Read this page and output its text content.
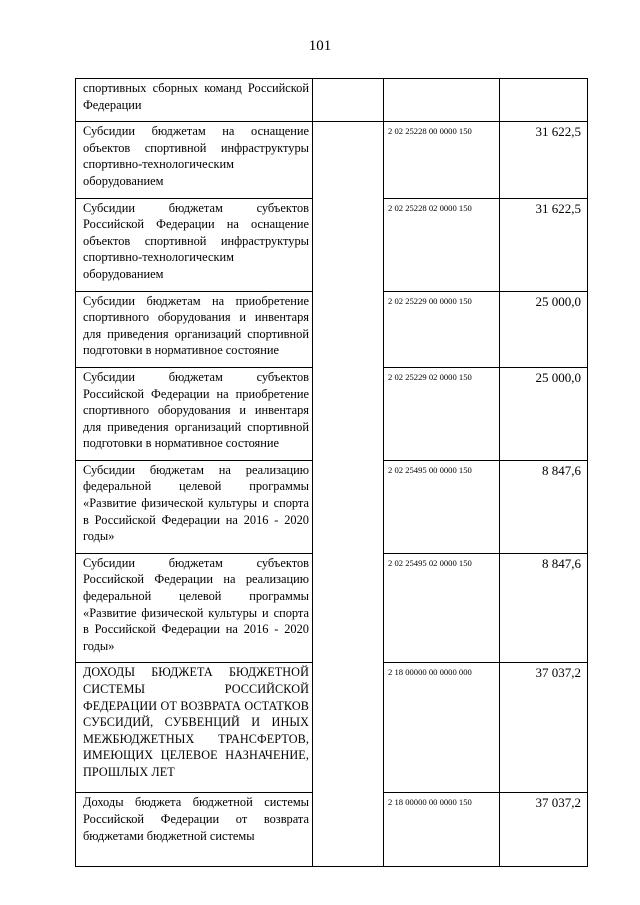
101
спортивных сборных команд Российской Федерации			

Субсидии бюджетам на оснащение объектов спортивной инфраструктуры спортивно-технологическим оборудованием		2 02 25228 00 0000 150	31 622,5

Субсидии бюджетам субъектов Российской Федерации на оснащение объектов спортивной инфраструктуры спортивно-технологическим оборудованием		2 02 25228 02 0000 150	31 622,5

Субсидии бюджетам на приобретение спортивного оборудования и инвентаря для приведения организаций спортивной подготовки в нормативное состояние		2 02 25229 00 0000 150	25 000,0

Субсидии бюджетам субъектов Российской Федерации на приобретение спортивного оборудования и инвентаря для приведения организаций спортивной подготовки в нормативное состояние		2 02 25229 02 0000 150	25 000,0

Субсидии бюджетам на реализацию федеральной целевой программы «Развитие физической культуры и спорта в Российской Федерации на 2016 - 2020 годы»		2 02 25495 00 0000 150	8 847,6

Субсидии бюджетам субъектов Российской Федерации на реализацию федеральной целевой программы «Развитие физической культуры и спорта в Российской Федерации на 2016 - 2020 годы»		2 02 25495 02 0000 150	8 847,6

ДОХОДЫ БЮДЖЕТА БЮДЖЕТНОЙ СИСТЕМЫ РОССИЙСКОЙ ФЕДЕРАЦИИ ОТ ВОЗВРАТА ОСТАТКОВ СУБСИДИЙ, СУБВЕНЦИЙ И ИНЫХ МЕЖБЮДЖЕТНЫХ ТРАНСФЕРТОВ, ИМЕЮЩИХ ЦЕЛЕВОЕ НАЗНАЧЕНИЕ, ПРОШЛЫХ ЛЕТ		2 18 00000 00 0000 000	37 037,2

Доходы бюджета бюджетной системы Российской Федерации от возврата бюджетами бюджетной системы		2 18 00000 00 0000 150	37 037,2
